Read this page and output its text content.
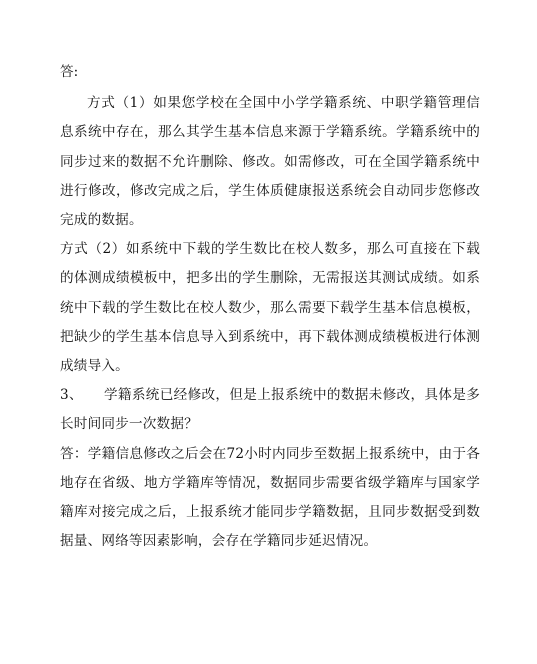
答:

方式（1）如果您学校在全国中小学学籍系统、中职学籍管理信息系统中存在，那么其学生基本信息来源于学籍系统。学籍系统中的同步过来的数据不允许删除、修改。如需修改，可在全国学籍系统中进行修改，修改完成之后，学生体质健康报送系统会自动同步您修改完成的数据。

方式（2）如系统中下载的学生数比在校人数多，那么可直接在下载的体测成绩模板中，把多出的学生删除，无需报送其测试成绩。如系统中下载的学生数比在校人数少，那么需要下载学生基本信息模板，把缺少的学生基本信息导入到系统中，再下载体测成绩模板进行体测成绩导入。

3、　　学籍系统已经修改，但是上报系统中的数据未修改，具体是多长时间同步一次数据？

答：学籍信息修改之后会在72小时内同步至数据上报系统中，由于各地存在省级、地方学籍库等情况，数据同步需要省级学籍库与国家学籍库对接完成之后，上报系统才能同步学籍数据，且同步数据受到数据量、网络等因素影响，会存在学籍同步延迟情况。
